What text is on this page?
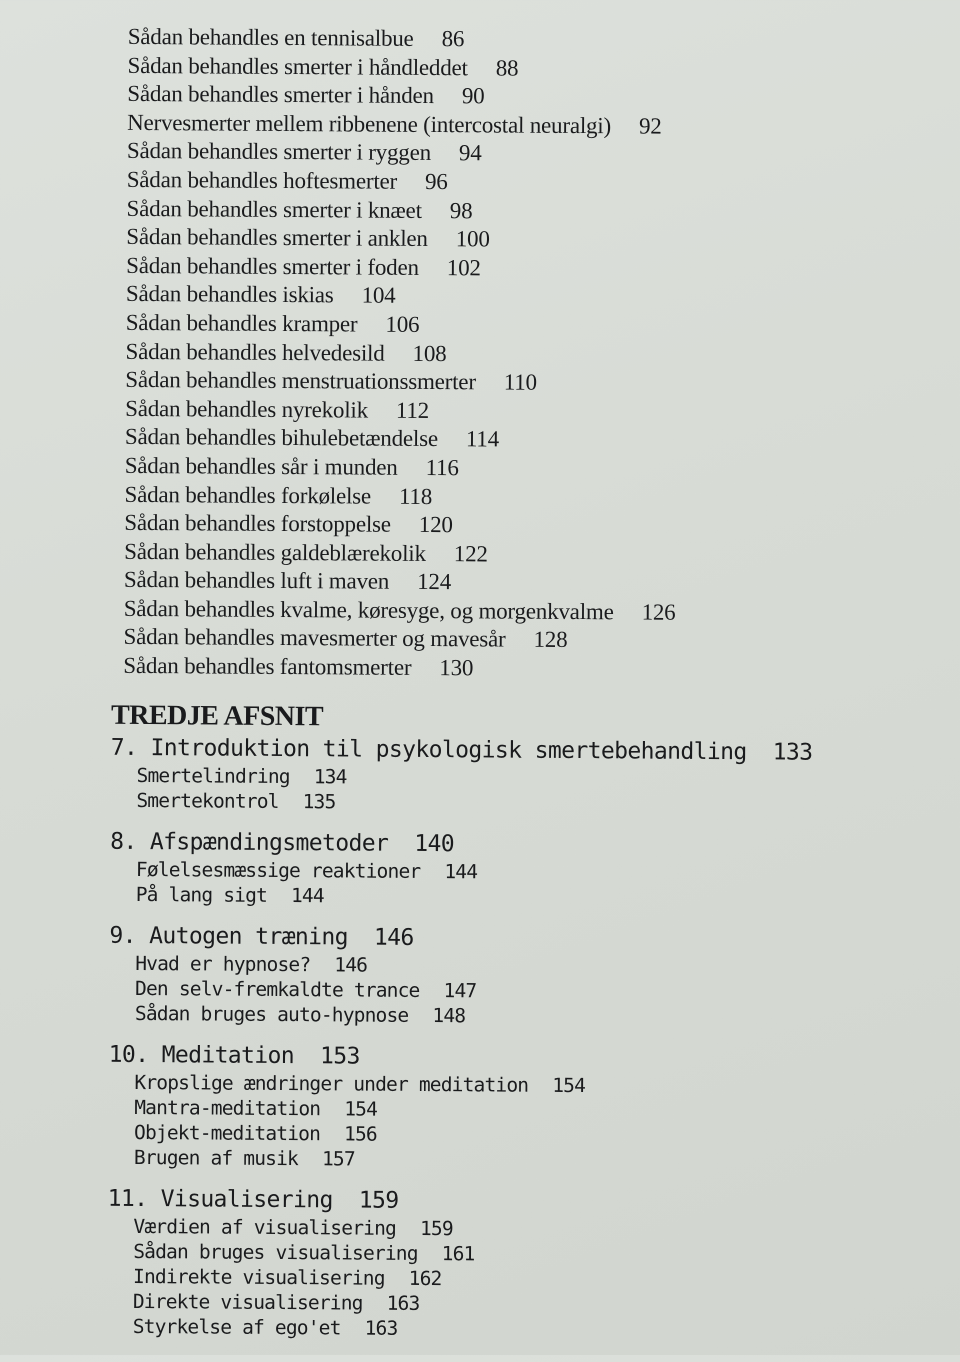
Sådan behandles en tennisalbue 86
Sådan behandles smerter i håndleddet 88
Sådan behandles smerter i hånden 90
Nervesmerter mellem ribbenene (intercostal neuralgi) 92
Sådan behandles smerter i ryggen 94
Sådan behandles hoftesmerter 96
Sådan behandles smerter i knæet 98
Sådan behandles smerter i anklen 100
Sådan behandles smerter i foden 102
Sådan behandles iskias 104
Sådan behandles kramper 106
Sådan behandles helvedesild 108
Sådan behandles menstruationssmerter 110
Sådan behandles nyrekolik 112
Sådan behandles bihulebetændelse 114
Sådan behandles sår i munden 116
Sådan behandles forkølelse 118
Sådan behandles forstoppelse 120
Sådan behandles galdeblærekolik 122
Sådan behandles luft i maven 124
Sådan behandles kvalme, køresyge, og morgenkvalme 126
Sådan behandles mavesmerter og mavesår 128
Sådan behandles fantomsmerter 130
TREDJE AFSNIT
7. Introduktion til psykologisk smertebehandling 133
Smertelindring 134
Smertekontrol 135
8. Afspændingsmetoder 140
Følelsesmæssige reaktioner 144
På lang sigt 144
9. Autogen træning 146
Hvad er hypnose? 146
Den selv-fremkaldte trance 147
Sådan bruges auto-hypnose 148
10. Meditation 153
Kropslige ændringer under meditation 154
Mantra-meditation 154
Objekt-meditation 156
Brugen af musik 157
11. Visualisering 159
Værdien af visualisering 159
Sådan bruges visualisering 161
Indirekte visualisering 162
Direkte visualisering 163
Styrkelse af ego'et 163
